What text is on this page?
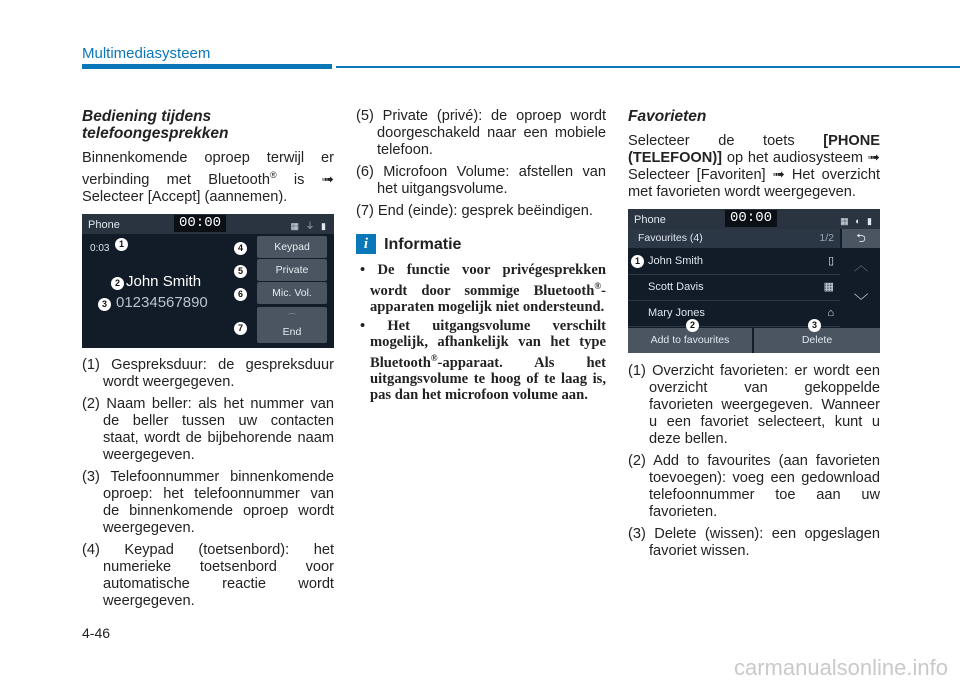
Multimediasysteem
Bediening tijdens telefoongesprekken

Binnenkomende oproep terwijl er verbinding met Bluetooth® is ➟ Selecteer [Accept] (aannemen).

Phone	00:00	▦ ⏚ ▮
0:03	1
2 John Smith
3 01234567890
4
5
6
7
Keypad
Private
Mic. Vol.
⌒
End

(1) Gespreksduur: de gespreksduur wordt weergegeven.

(2) Naam beller: als het nummer van de beller tussen uw contacten staat, wordt de bijbehorende naam weergegeven.

(3) Telefoonnummer binnenkomende oproep: het telefoonnummer van de binnenkomende oproep wordt weergegeven.

(4) Keypad (toetsenbord): het numerieke toetsenbord voor automatische reactie wordt weergegeven.

(5) Private (privé): de oproep wordt doorgeschakeld naar een mobiele telefoon.

(6) Microfoon Volume: afstellen van het uitgangsvolume.

(7) End (einde): gesprek beëindigen.

i Informatie

• De functie voor privégesprekken wordt door sommige Bluetooth®-apparaten mogelijk niet ondersteund.

• Het uitgangsvolume verschilt mogelijk, afhankelijk van het type Bluetooth®-apparaat. Als het uitgangsvolume te hoog of te laag is, pas dan het microfoon volume aan.

Favorieten

Selecteer de toets [PHONE (TELEFOON)] op het audiosysteem ➟ Selecteer [Favoriten] ➟ Het overzicht met favorieten wordt weergegeven.

Phone	00:00	▦ ◐ ▮
Favourites (4)	1/2	⮌
︿
﹀
1 John Smith	▯
Scott Davis	▦
Mary Jones	⌂
Add to favourites	Delete
2	3

(1) Overzicht favorieten: er wordt een overzicht van gekoppelde favorieten weergegeven. Wanneer u een favoriet selecteert, kunt u deze bellen.

(2) Add to favourites (aan favorieten toevoegen): voeg een gedownload telefoonnummer toe aan uw favorieten.

(3) Delete (wissen): een opgeslagen favoriet wissen.

4-46
carmanualsonline.info
